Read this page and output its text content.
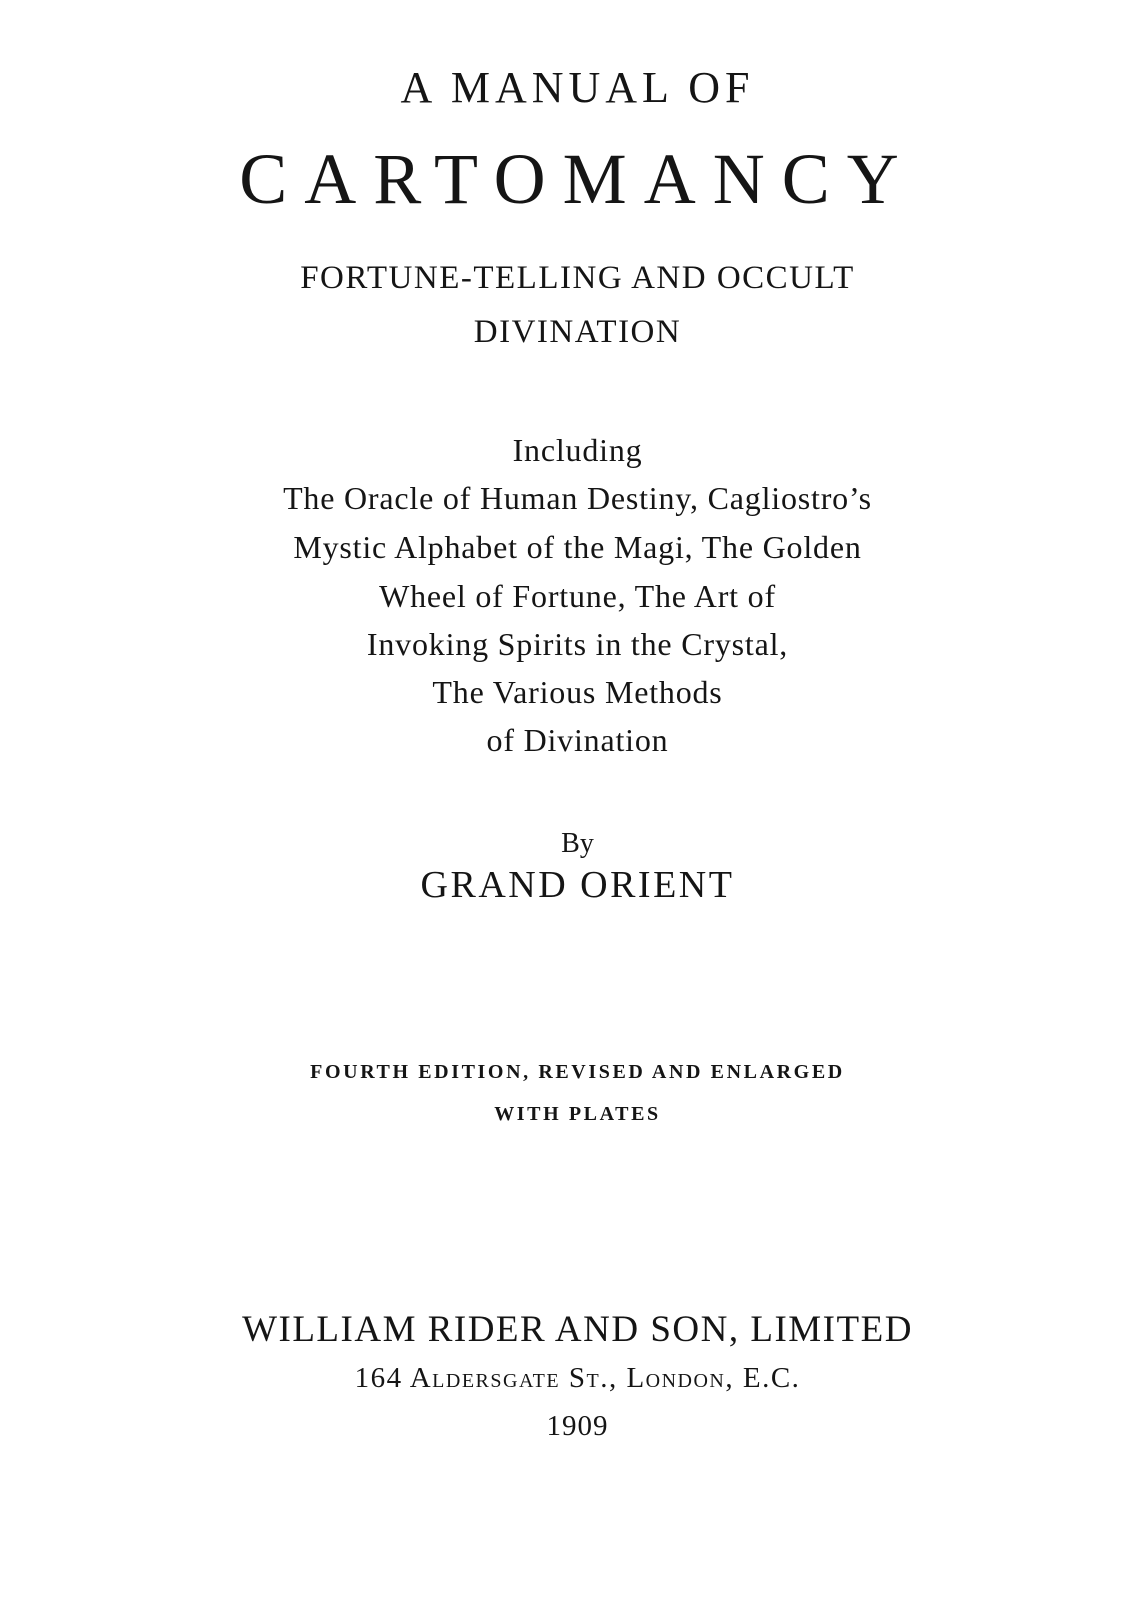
A MANUAL OF
CARTOMANCY
FORTUNE-TELLING AND OCCULT
DIVINATION
Including
The Oracle of Human Destiny, Cagliostro’s
Mystic Alphabet of the Magi, The Golden
Wheel of Fortune, The Art of
Invoking Spirits in the Crystal,
The Various Methods
of Divination
By
GRAND ORIENT
FOURTH EDITION, REVISED AND ENLARGED
WITH PLATES
WILLIAM RIDER AND SON, LIMITED
164 Aldersgate St., London, E.C.
1909
